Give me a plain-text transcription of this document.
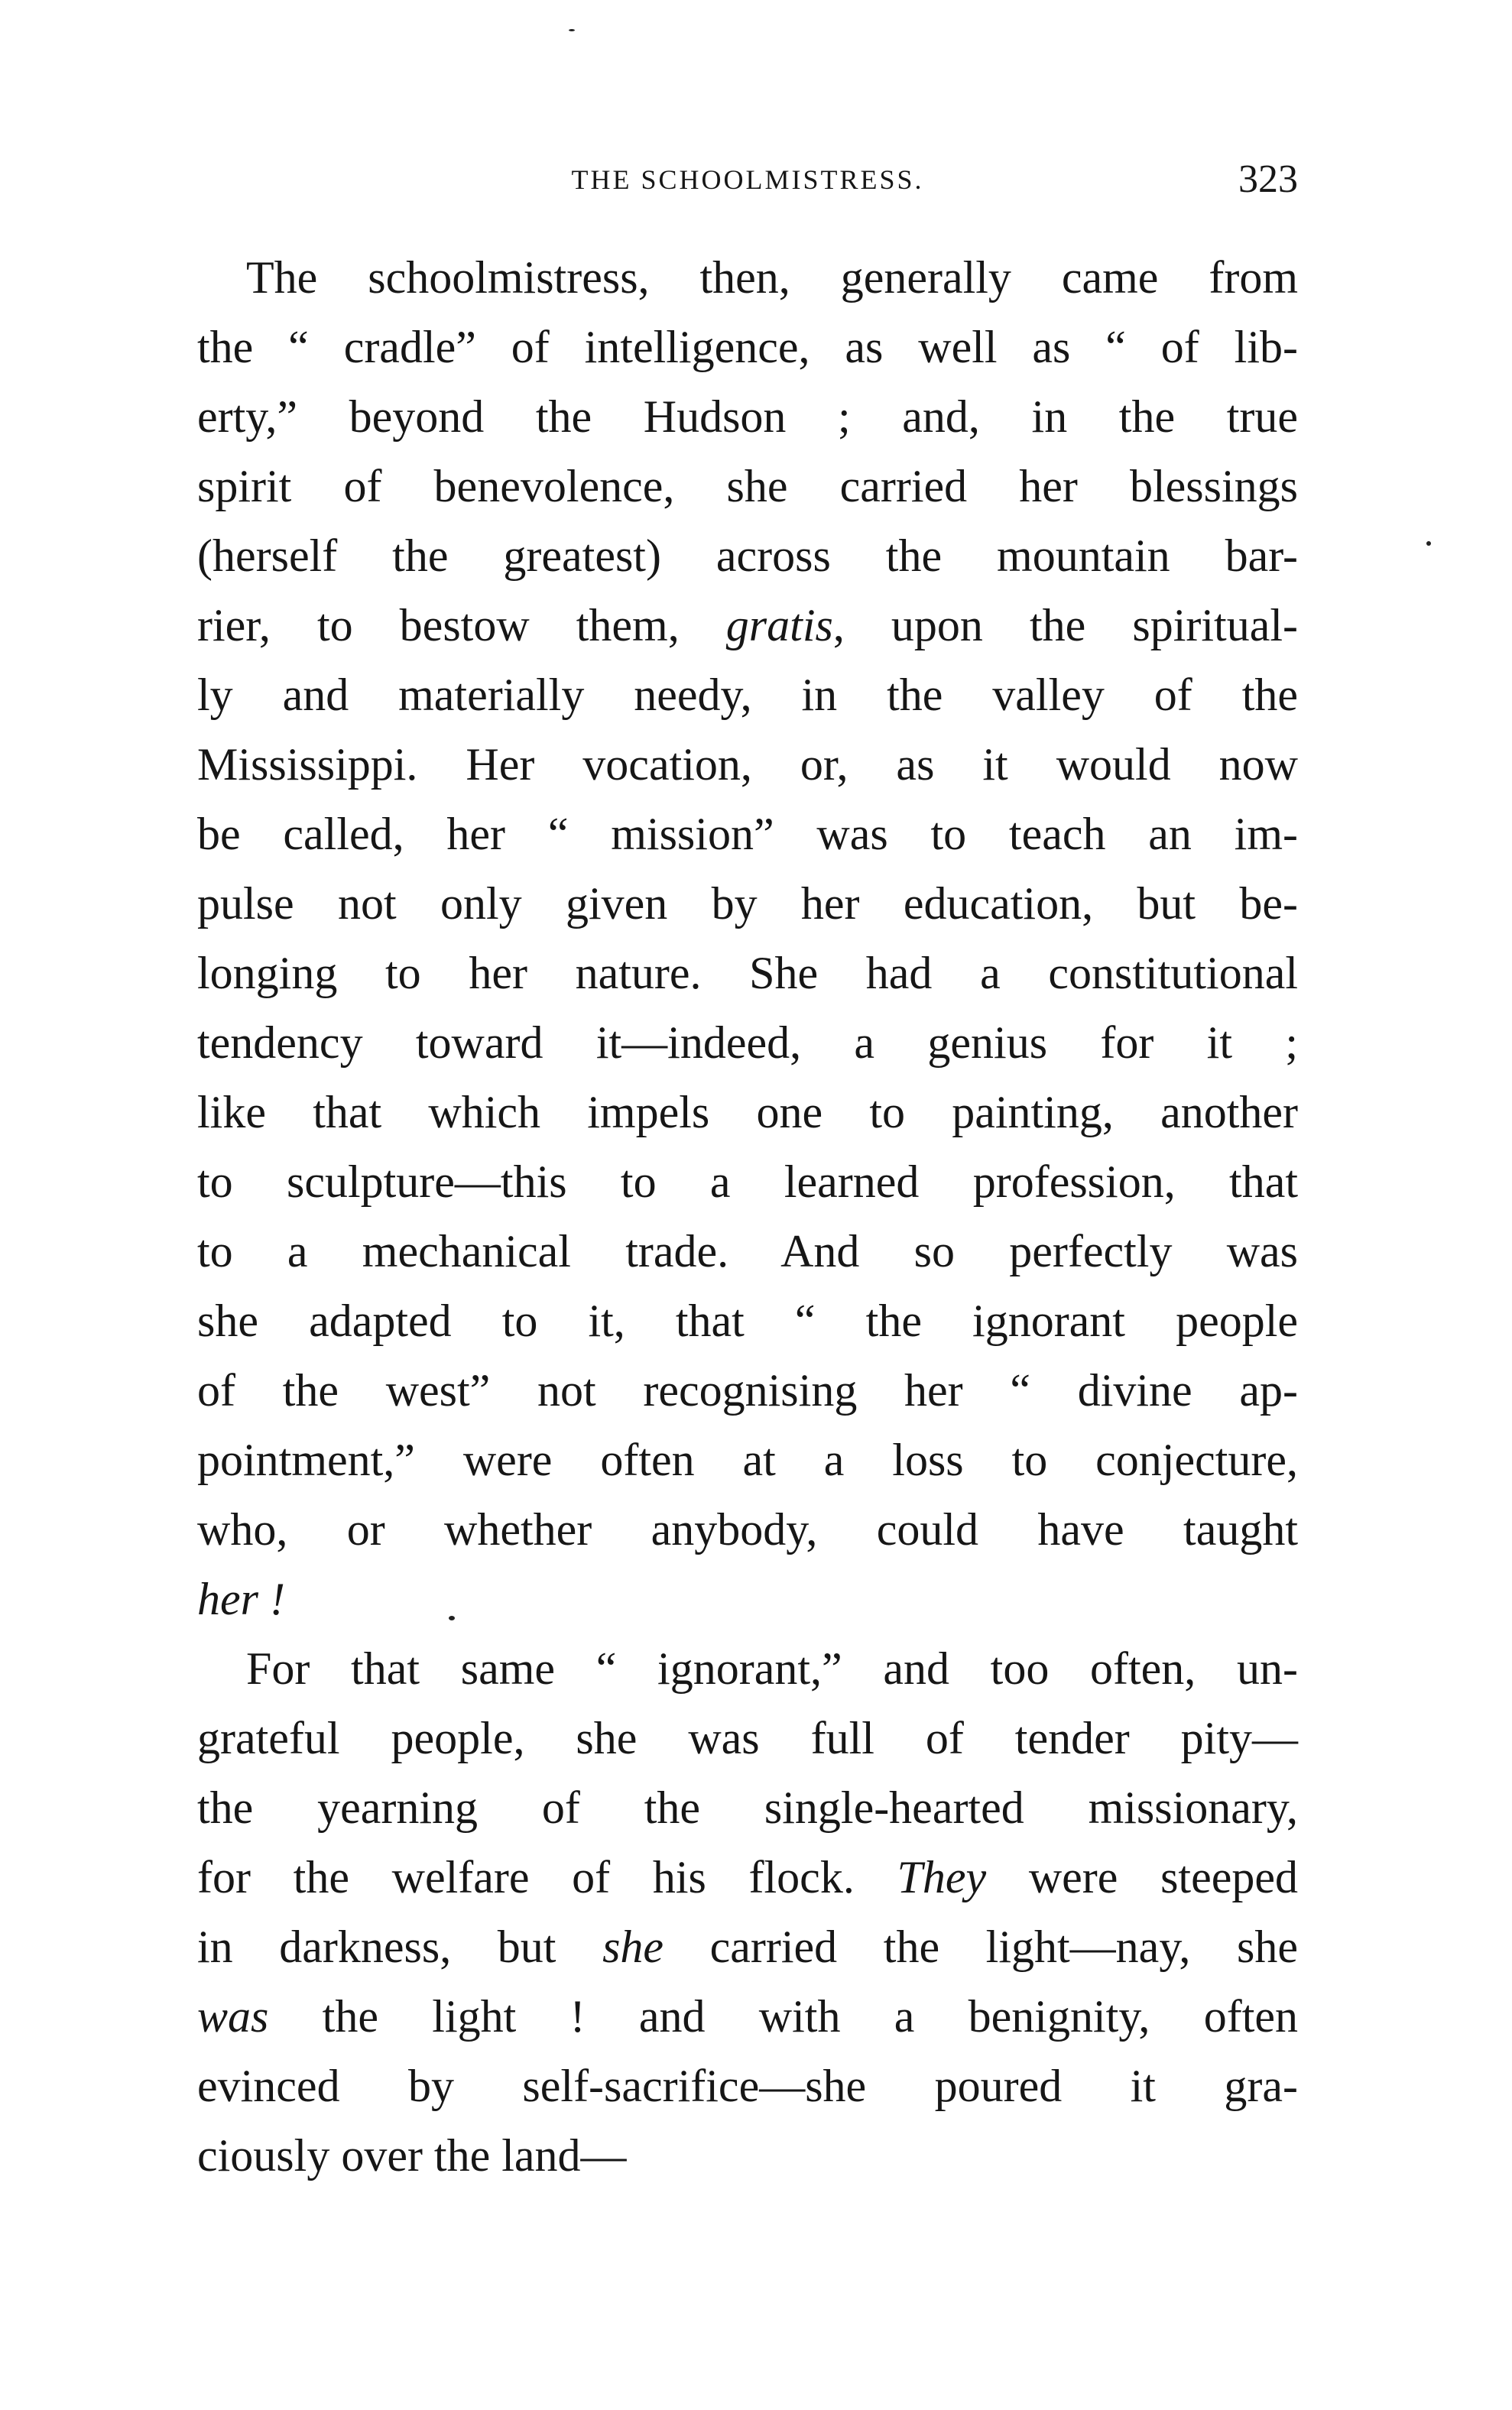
THE SCHOOLMISTRESS.	323
The schoolmistress, then, generally came from
the “ cradle” of intelligence, as well as “ of lib-
erty,” beyond the Hudson ; and, in the true
spirit of benevolence, she carried her blessings
(herself the greatest) across the mountain bar-
rier, to bestow them, gratis, upon the spiritual-
ly and materially needy, in the valley of the
Mississippi. Her vocation, or, as it would now
be called, her “ mission” was to teach an im-
pulse not only given by her education, but be-
longing to her nature. She had a constitutional
tendency toward it—indeed, a genius for it ;
like that which impels one to painting, another
to sculpture—this to a learned profession, that
to a mechanical trade. And so perfectly was
she adapted to it, that “ the ignorant people
of the west” not recognising her “ divine ap-
pointment,” were often at a loss to conjecture,
who, or whether anybody, could have taught
her !
For that same “ ignorant,” and too often, un-
grateful people, she was full of tender pity—
the yearning of the single-hearted missionary,
for the welfare of his flock. They were steeped
in darkness, but she carried the light—nay, she
was the light ! and with a benignity, often
evinced by self-sacrifice—she poured it gra-
ciously over the land—
